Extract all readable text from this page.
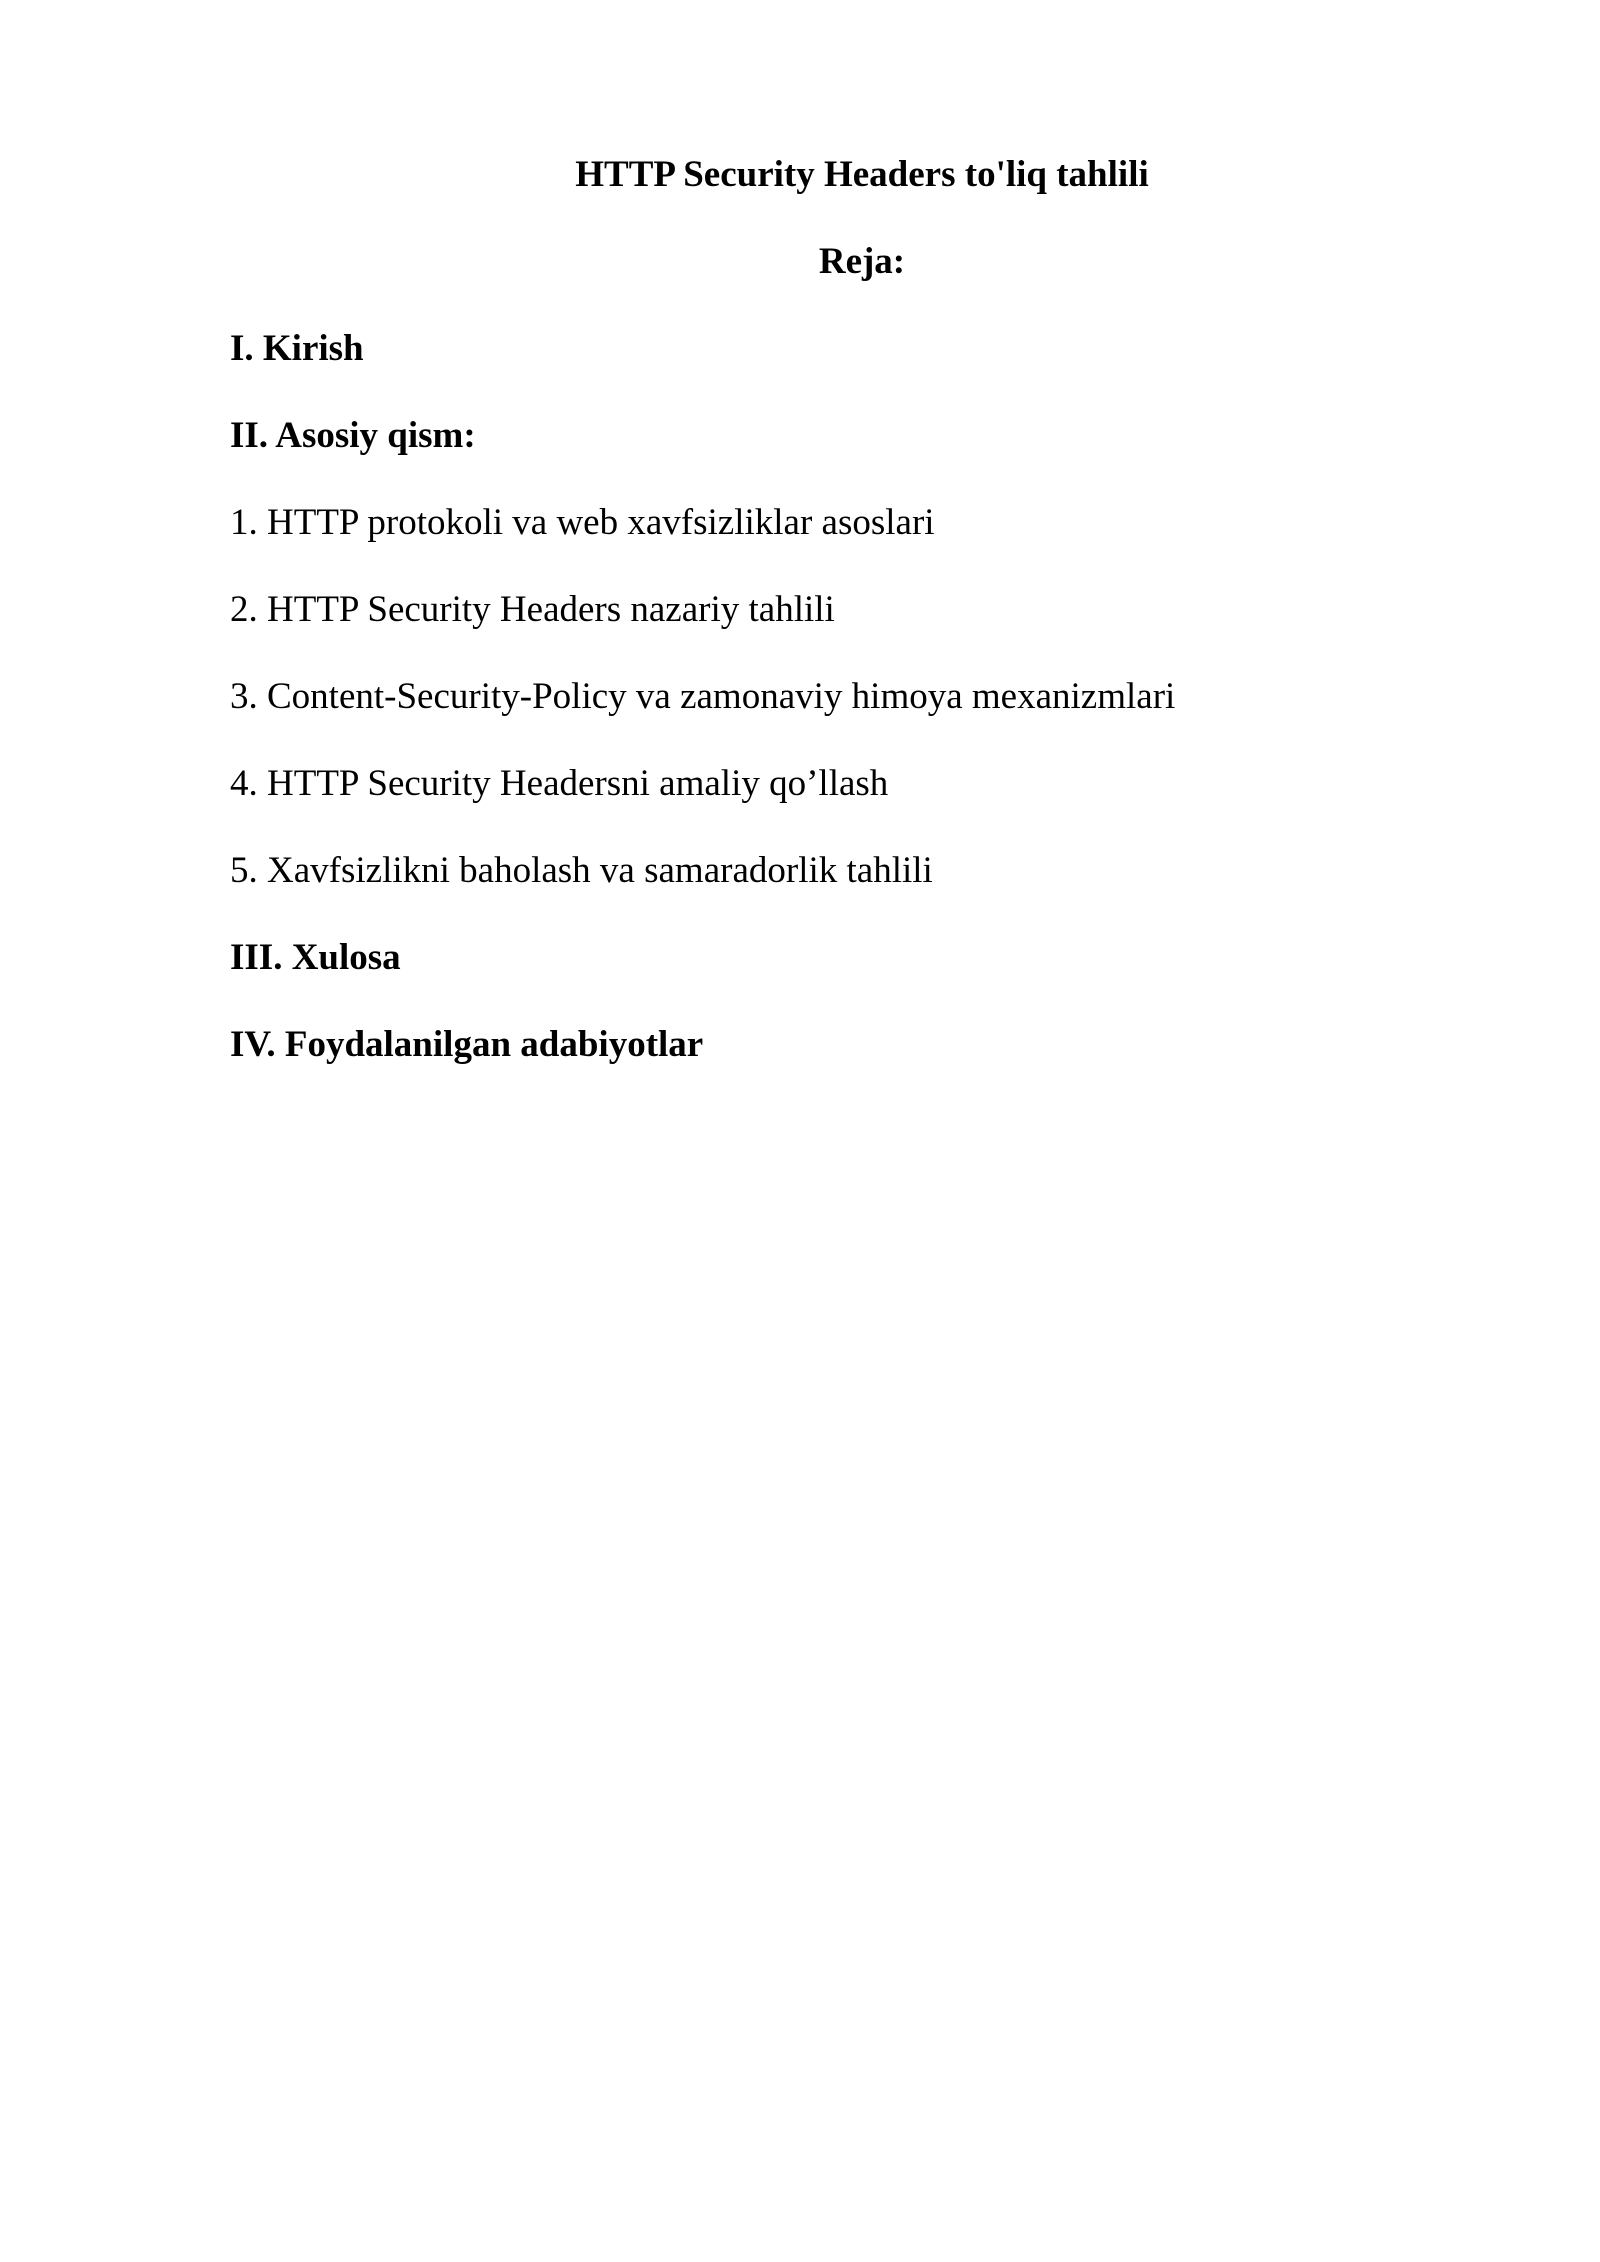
HTTP Security Headers to'liq tahlili
Reja:

I. Kirish

II. Asosiy qism:

1. HTTP protokoli va web xavfsizliklar asoslari

2. HTTP Security Headers nazariy tahlili

3. Content-Security-Policy va zamonaviy himoya mexanizmlari

4. HTTP Security Headersni amaliy qo’llash

5. Xavfsizlikni baholash va samaradorlik tahlili

III. Xulosa

IV. Foydalanilgan adabiyotlar
